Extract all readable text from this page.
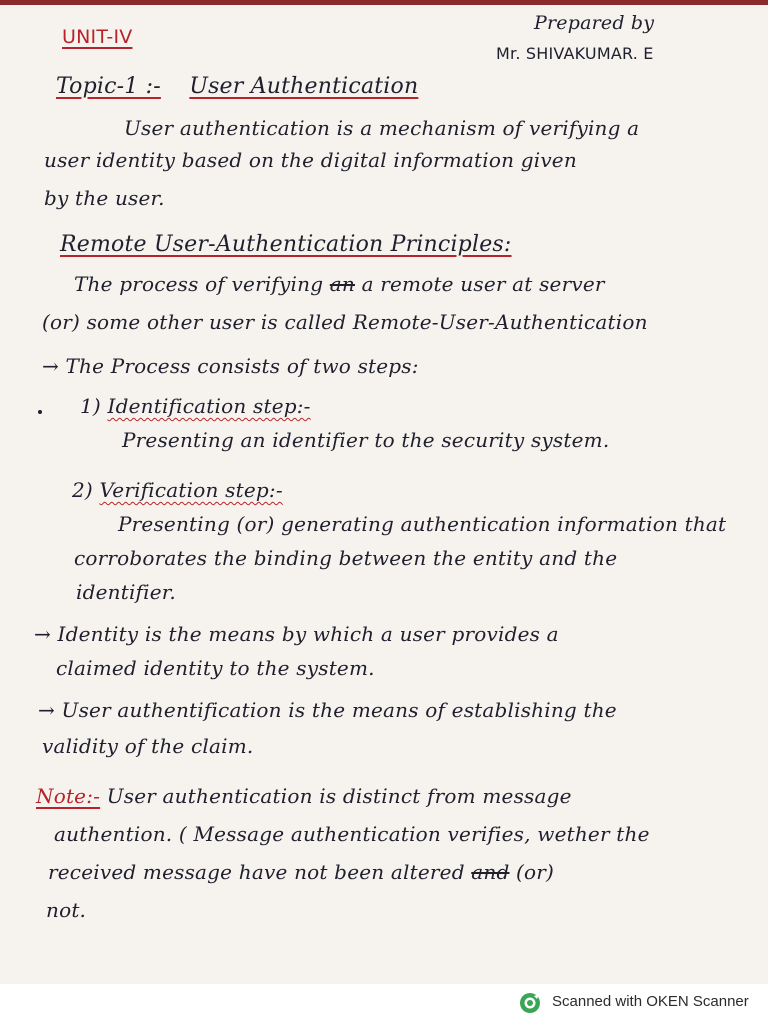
UNIT-IV
Prepared by
Mr. SHIVAKUMAR. E
Topic-1 :- User Authentication
User authentication is a mechanism of verifying a
user identity based on the digital information given
by the user.
Remote User-Authentication Principles:
The process of verifying an a remote user at server
(or) some other user is called Remote-User-Authentication
→ The Process consists of two steps:
1) Identification step:-
Presenting an identifier to the security system.
2) Verification step:-
Presenting (or) generating authentication information that
corroborates the binding between the entity and the
identifier.
→ Identity is the means by which a user provides a
claimed identity to the system.
→ User authentification is the means of establishing the
validity of the claim.
Note:- User authentication is distinct from message
authention. ( Message authentication verifies, wether the
received message have not been altered and (or)
not.
Scanned with OKEN Scanner
